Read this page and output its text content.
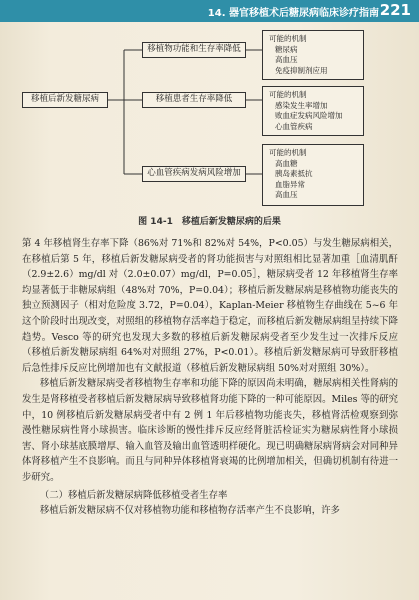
14. 器官移植术后糖尿病临床诊疗指南 221
移植后新发糖尿病
移植物功能和生存率降低
移植患者生存率降低
心血管疾病发病风险增加
可能的机制
糖尿病
高血压
免疫抑制剂应用
可能的机制
感染发生率增加
败血症发病风险增加
心血管疾病
可能的机制
高血糖
胰岛素抵抗
血脂异常
高血压
图 14-1　移植后新发糖尿病的后果

第 4 年移植肾生存率下降（86%对 71%和 82%对 54%，P<0.05）与发生糖尿病相关，在移植后第 5 年，移植后新发糖尿病受者的肾功能损害与对照组相比显著加重［血清肌酐（2.9±2.6）mg/dl 对（2.0±0.07）mg/dl，P=0.05］，糖尿病受者 12 年移植肾生存率均显著低于非糖尿病组（48%对 70%，P=0.04）；移植后新发糖尿病是移植物功能丧失的独立预测因子（相对危险度 3.72，P=0.04），Kaplan-Meier 移植物生存曲线在 5~6 年这个阶段时出现改变，对照组的移植物存活率趋于稳定，而移植后新发糖尿病组呈持续下降趋势。Vesco 等的研究也发现大多数的移植后新发糖尿病受者至少发生过一次排斥反应（移植后新发糖尿病组 64%对对照组 27%，P<0.01）。移植后新发糖尿病可导致肝移植后急性排斥反应比例增加也有文献报道（移植后新发糖尿病组 50%对对照组 30%）。

移植后新发糖尿病受者移植物生存率和功能下降的原因尚未明确，糖尿病相关性肾病的发生是肾移植受者移植后新发糖尿病导致移植肾功能下降的一种可能原因。Miles 等的研究中，10 例移植后新发糖尿病受者中有 2 例 1 年后移植物功能丧失，移植肾活检观察到弥漫性糖尿病性肾小球损害。临床诊断的慢性排斥反应经肾脏活检证实为糖尿病性肾小球损害、肾小球基底膜增厚、输入血管及输出血管透明样硬化。现已明确糖尿病肾病会对同种异体肾移植产生不良影响。而且与同种异体移植肾衰竭的比例增加相关，但确切机制有待进一步研究。

（二）移植后新发糖尿病降低移植受者生存率

移植后新发糖尿病不仅对移植物功能和移植物存活率产生不良影响，许多
